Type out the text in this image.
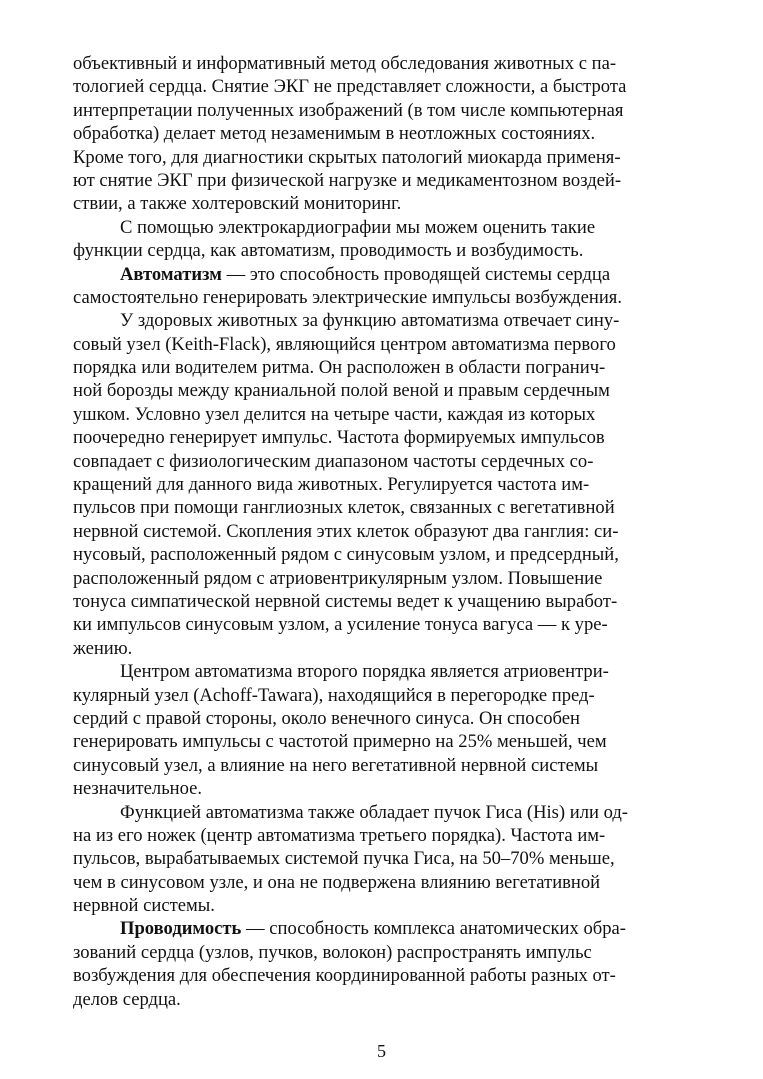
объективный и информативный метод обследования животных с па-
тологией сердца. Снятие ЭКГ не представляет сложности, а быстрота
интерпретации полученных изображений (в том числе компьютерная
обработка) делает метод незаменимым в неотложных состояниях.
Кроме того, для диагностики скрытых патологий миокарда применя-
ют снятие ЭКГ при физической нагрузке и медикаментозном воздей-
ствии, а также холтеровский мониторинг.
С помощью электрокардиографии мы можем оценить такие
функции сердца, как автоматизм, проводимость и возбудимость.
Автоматизм — это способность проводящей системы сердца
самостоятельно генерировать электрические импульсы возбуждения.
У здоровых животных за функцию автоматизма отвечает сину-
совый узел (Keith-Flack), являющийся центром автоматизма первого
порядка или водителем ритма. Он расположен в области погранич-
ной борозды между краниальной полой веной и правым сердечным
ушком. Условно узел делится на четыре части, каждая из которых
поочередно генерирует импульс. Частота формируемых импульсов
совпадает с физиологическим диапазоном частоты сердечных со-
кращений для данного вида животных. Регулируется частота им-
пульсов при помощи ганглиозных клеток, связанных с вегетативной
нервной системой. Скопления этих клеток образуют два ганглия: си-
нусовый, расположенный рядом с синусовым узлом, и предсердный,
расположенный рядом с атриовентрикулярным узлом. Повышение
тонуса симпатической нервной системы ведет к учащению выработ-
ки импульсов синусовым узлом, а усиление тонуса вагуса — к уре-
жению.
Центром автоматизма второго порядка является атриовентри-
кулярный узел (Achoff-Tawara), находящийся в перегородке пред-
сердий с правой стороны, около венечного синуса. Он способен
генерировать импульсы с частотой примерно на 25% меньшей, чем
синусовый узел, а влияние на него вегетативной нервной системы
незначительное.
Функцией автоматизма также обладает пучок Гиса (His) или од-
на из его ножек (центр автоматизма третьего порядка). Частота им-
пульсов, вырабатываемых системой пучка Гиса, на 50–70% меньше,
чем в синусовом узле, и она не подвержена влиянию вегетативной
нервной системы.
Проводимость — способность комплекса анатомических обра-
зований сердца (узлов, пучков, волокон) распространять импульс
возбуждения для обеспечения координированной работы разных от-
делов сердца.
5
